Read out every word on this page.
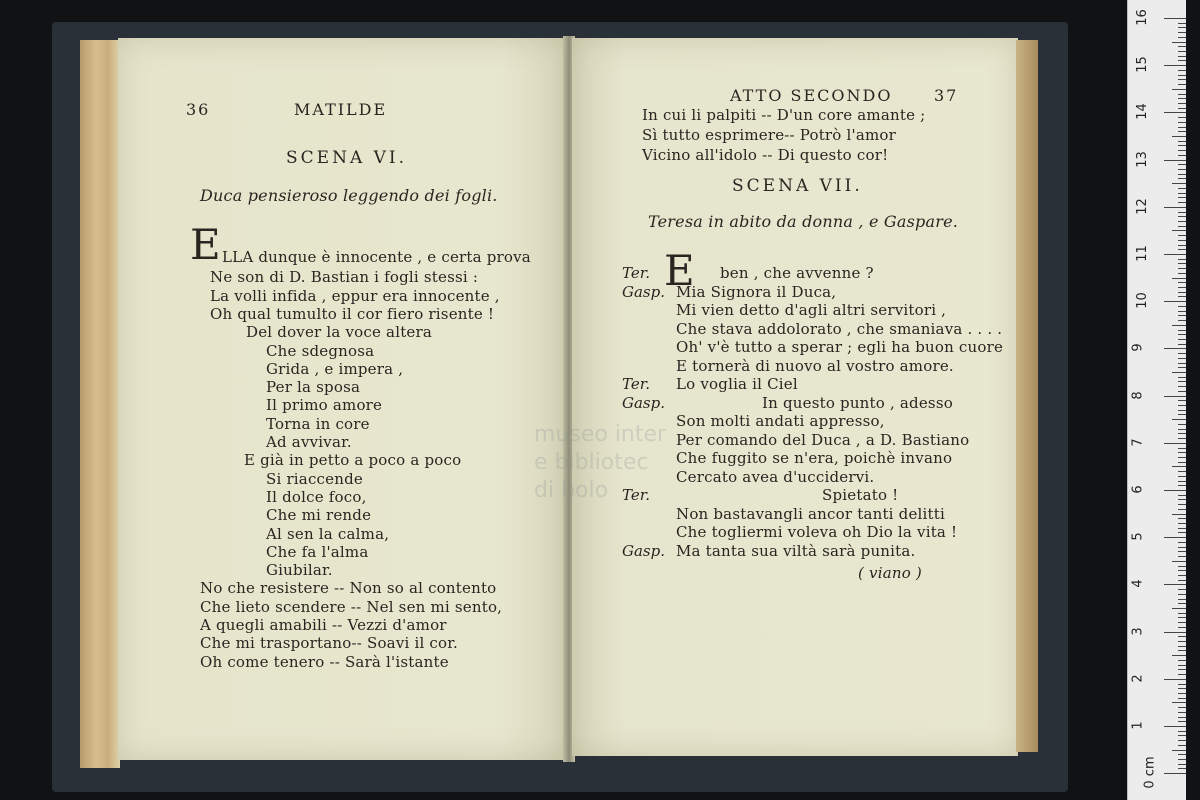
36	MATILDE
SCENA VI.
Duca pensieroso leggendo dei fogli.
E LLA dunque è innocente , e certa prova
Ne son di D. Bastian i fogli stessi :
La volli infida , eppur era innocente ,
Oh qual tumulto il cor fiero risente !
Del dover la voce altera
Che sdegnosa
Grida , e impera ,
Per la sposa
Il primo amore
Torna in core
Ad avvivar.
E già in petto a poco a poco
Si riaccende
Il dolce foco,
Che mi rende
Al sen la calma,
Che fa l'alma
Giubilar.
No che resistere -- Non so al contento
Che lieto scendere -- Nel sen mi sento,
A quegli amabili -- Vezzi d'amor
Che mi trasportano-- Soavi il cor.
Oh come tenero -- Sarà l'istante
ATTO SECONDO	37
In cui li palpiti -- D'un core amante ;
Sì tutto esprimere-- Potrò l'amor
Vicino all'idolo -- Di questo cor!
SCENA VII.
Teresa in abito da donna , e Gaspare.
E
Ter.	ben , che avvenne ?
Gasp. Mia Signora il Duca,
Mi vien detto d'agli altri servitori ,
Che stava addolorato , che smaniava . . . .
Oh' v'è tutto a sperar ; egli ha buon cuore
E tornerà di nuovo al vostro amore.
Ter. Lo voglia il Ciel
Gasp.	In questo punto , adesso
Son molti andati appresso,
Per comando del Duca , a D. Bastiano
Che fuggito se n'era, poichè invano
Cercato avea d'uccidervi.
Ter.	Spietato !
Non bastavangli ancor tanti delitti
Che togliermi voleva oh Dio la vita !
Gasp. Ma tanta sua viltà sarà punita.
( viano )
museo inter
e bibliotec
di bolo
16
15
14
13
12
11
10
9
8
7
6
5
4
3
2
1
0 cm
